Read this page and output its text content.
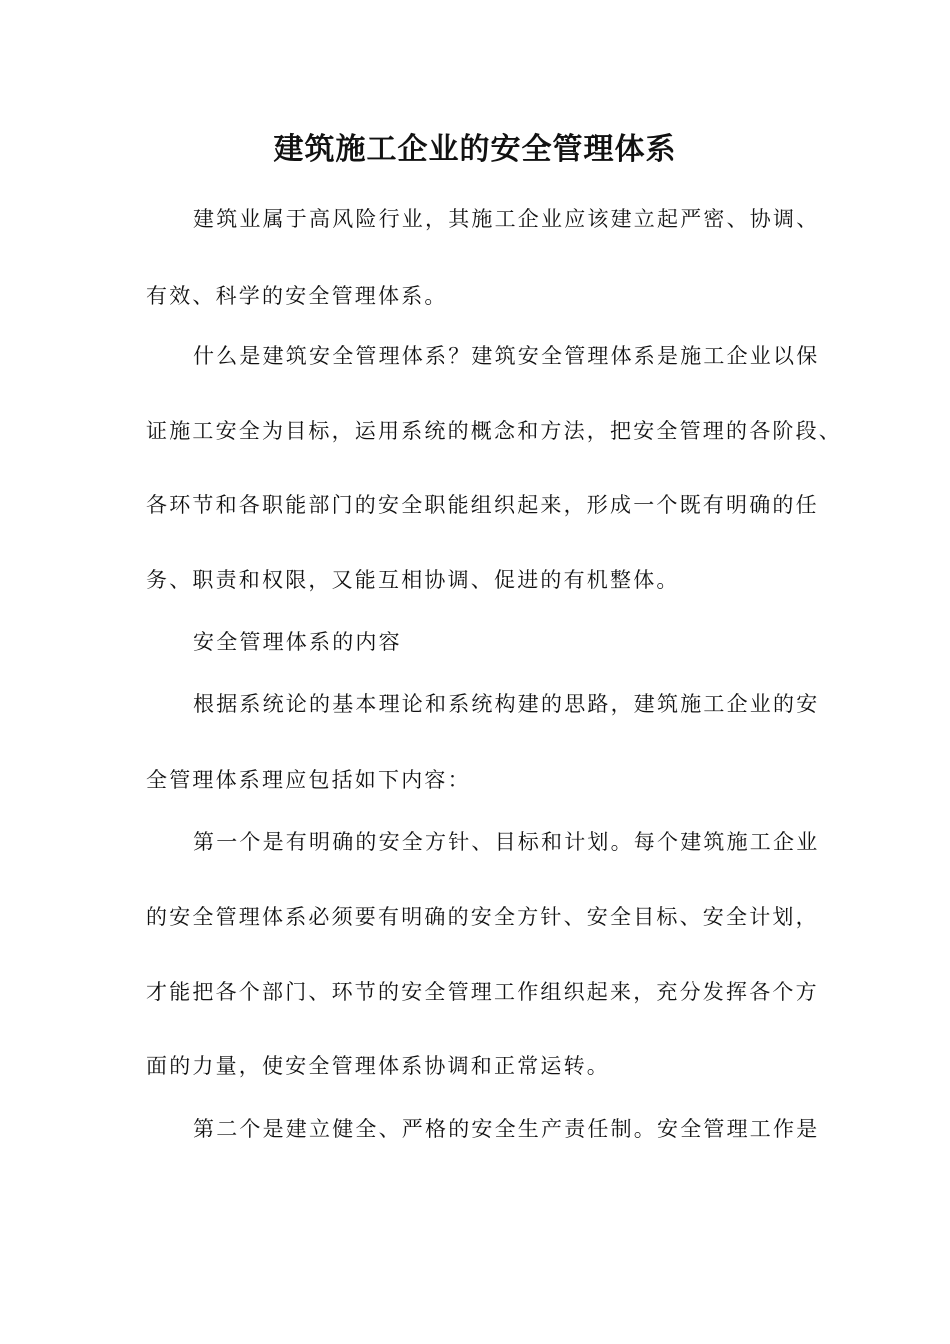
建筑施工企业的安全管理体系
建筑业属于高风险行业，其施工企业应该建立起严密、协调、
有效、科学的安全管理体系。
什么是建筑安全管理体系？建筑安全管理体系是施工企业以保
证施工安全为目标，运用系统的概念和方法，把安全管理的各阶段、
各环节和各职能部门的安全职能组织起来，形成一个既有明确的任
务、职责和权限，又能互相协调、促进的有机整体。
安全管理体系的内容
根据系统论的基本理论和系统构建的思路，建筑施工企业的安
全管理体系理应包括如下内容：
第一个是有明确的安全方针、目标和计划。每个建筑施工企业
的安全管理体系必须要有明确的安全方针、安全目标、安全计划，
才能把各个部门、环节的安全管理工作组织起来，充分发挥各个方
面的力量，使安全管理体系协调和正常运转。
第二个是建立健全、严格的安全生产责任制。安全管理工作是
